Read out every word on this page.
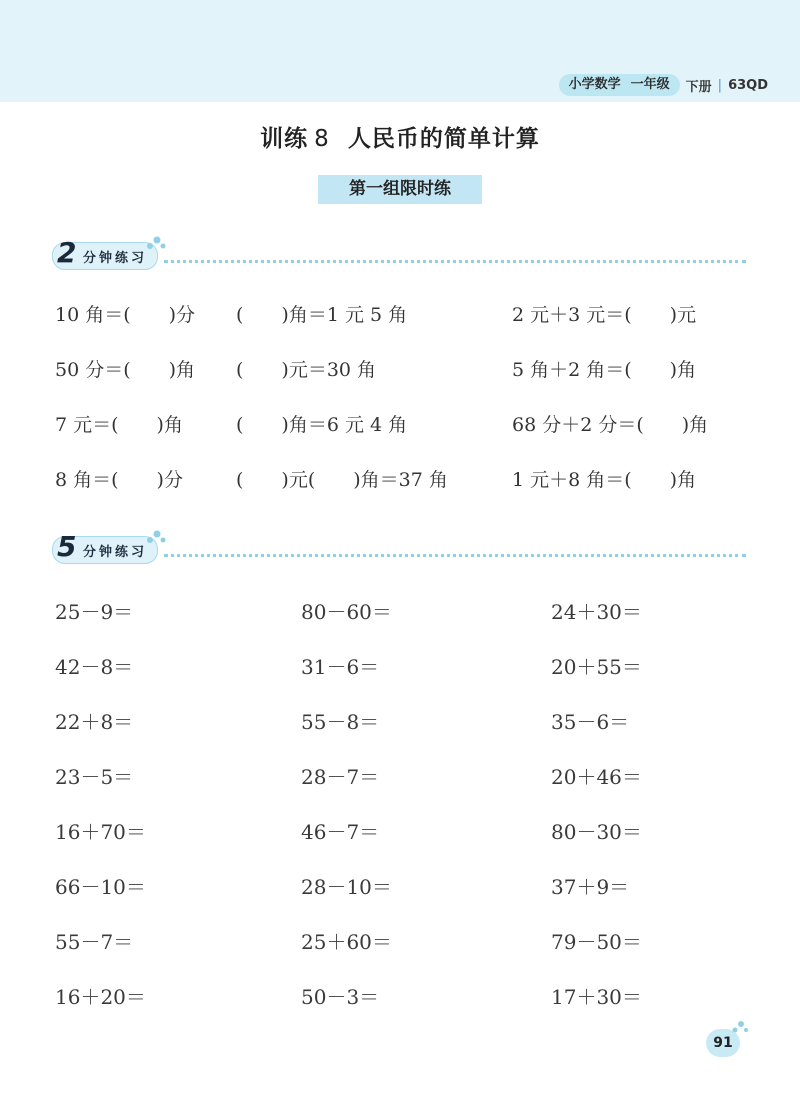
小学数学 一年级	下册 | 63QD
训练 8 人民币的简单计算
第一组限时练
2 分钟练习
10 角＝(　　)分 (　　)角＝1 元 5 角	2 元＋3 元＝(　　)元
50 分＝(　　)角 (　　)元＝30 角	5 角＋2 角＝(　　)角
7 元＝(　　)角	(　　)角＝6 元 4 角	68 分＋2 分＝(　　)角
8 角＝(　　)分	(　　)元(　　)角＝37 角	1 元＋8 角＝(　　)角
5 分钟练习
25－9＝	80－60＝	24＋30＝
42－8＝	31－6＝	20＋55＝
22＋8＝	55－8＝	35－6＝
23－5＝	28－7＝	20＋46＝
16＋70＝	46－7＝	80－30＝
66－10＝	28－10＝	37＋9＝
55－7＝	25＋60＝	79－50＝
16＋20＝	50－3＝	17＋30＝
91
